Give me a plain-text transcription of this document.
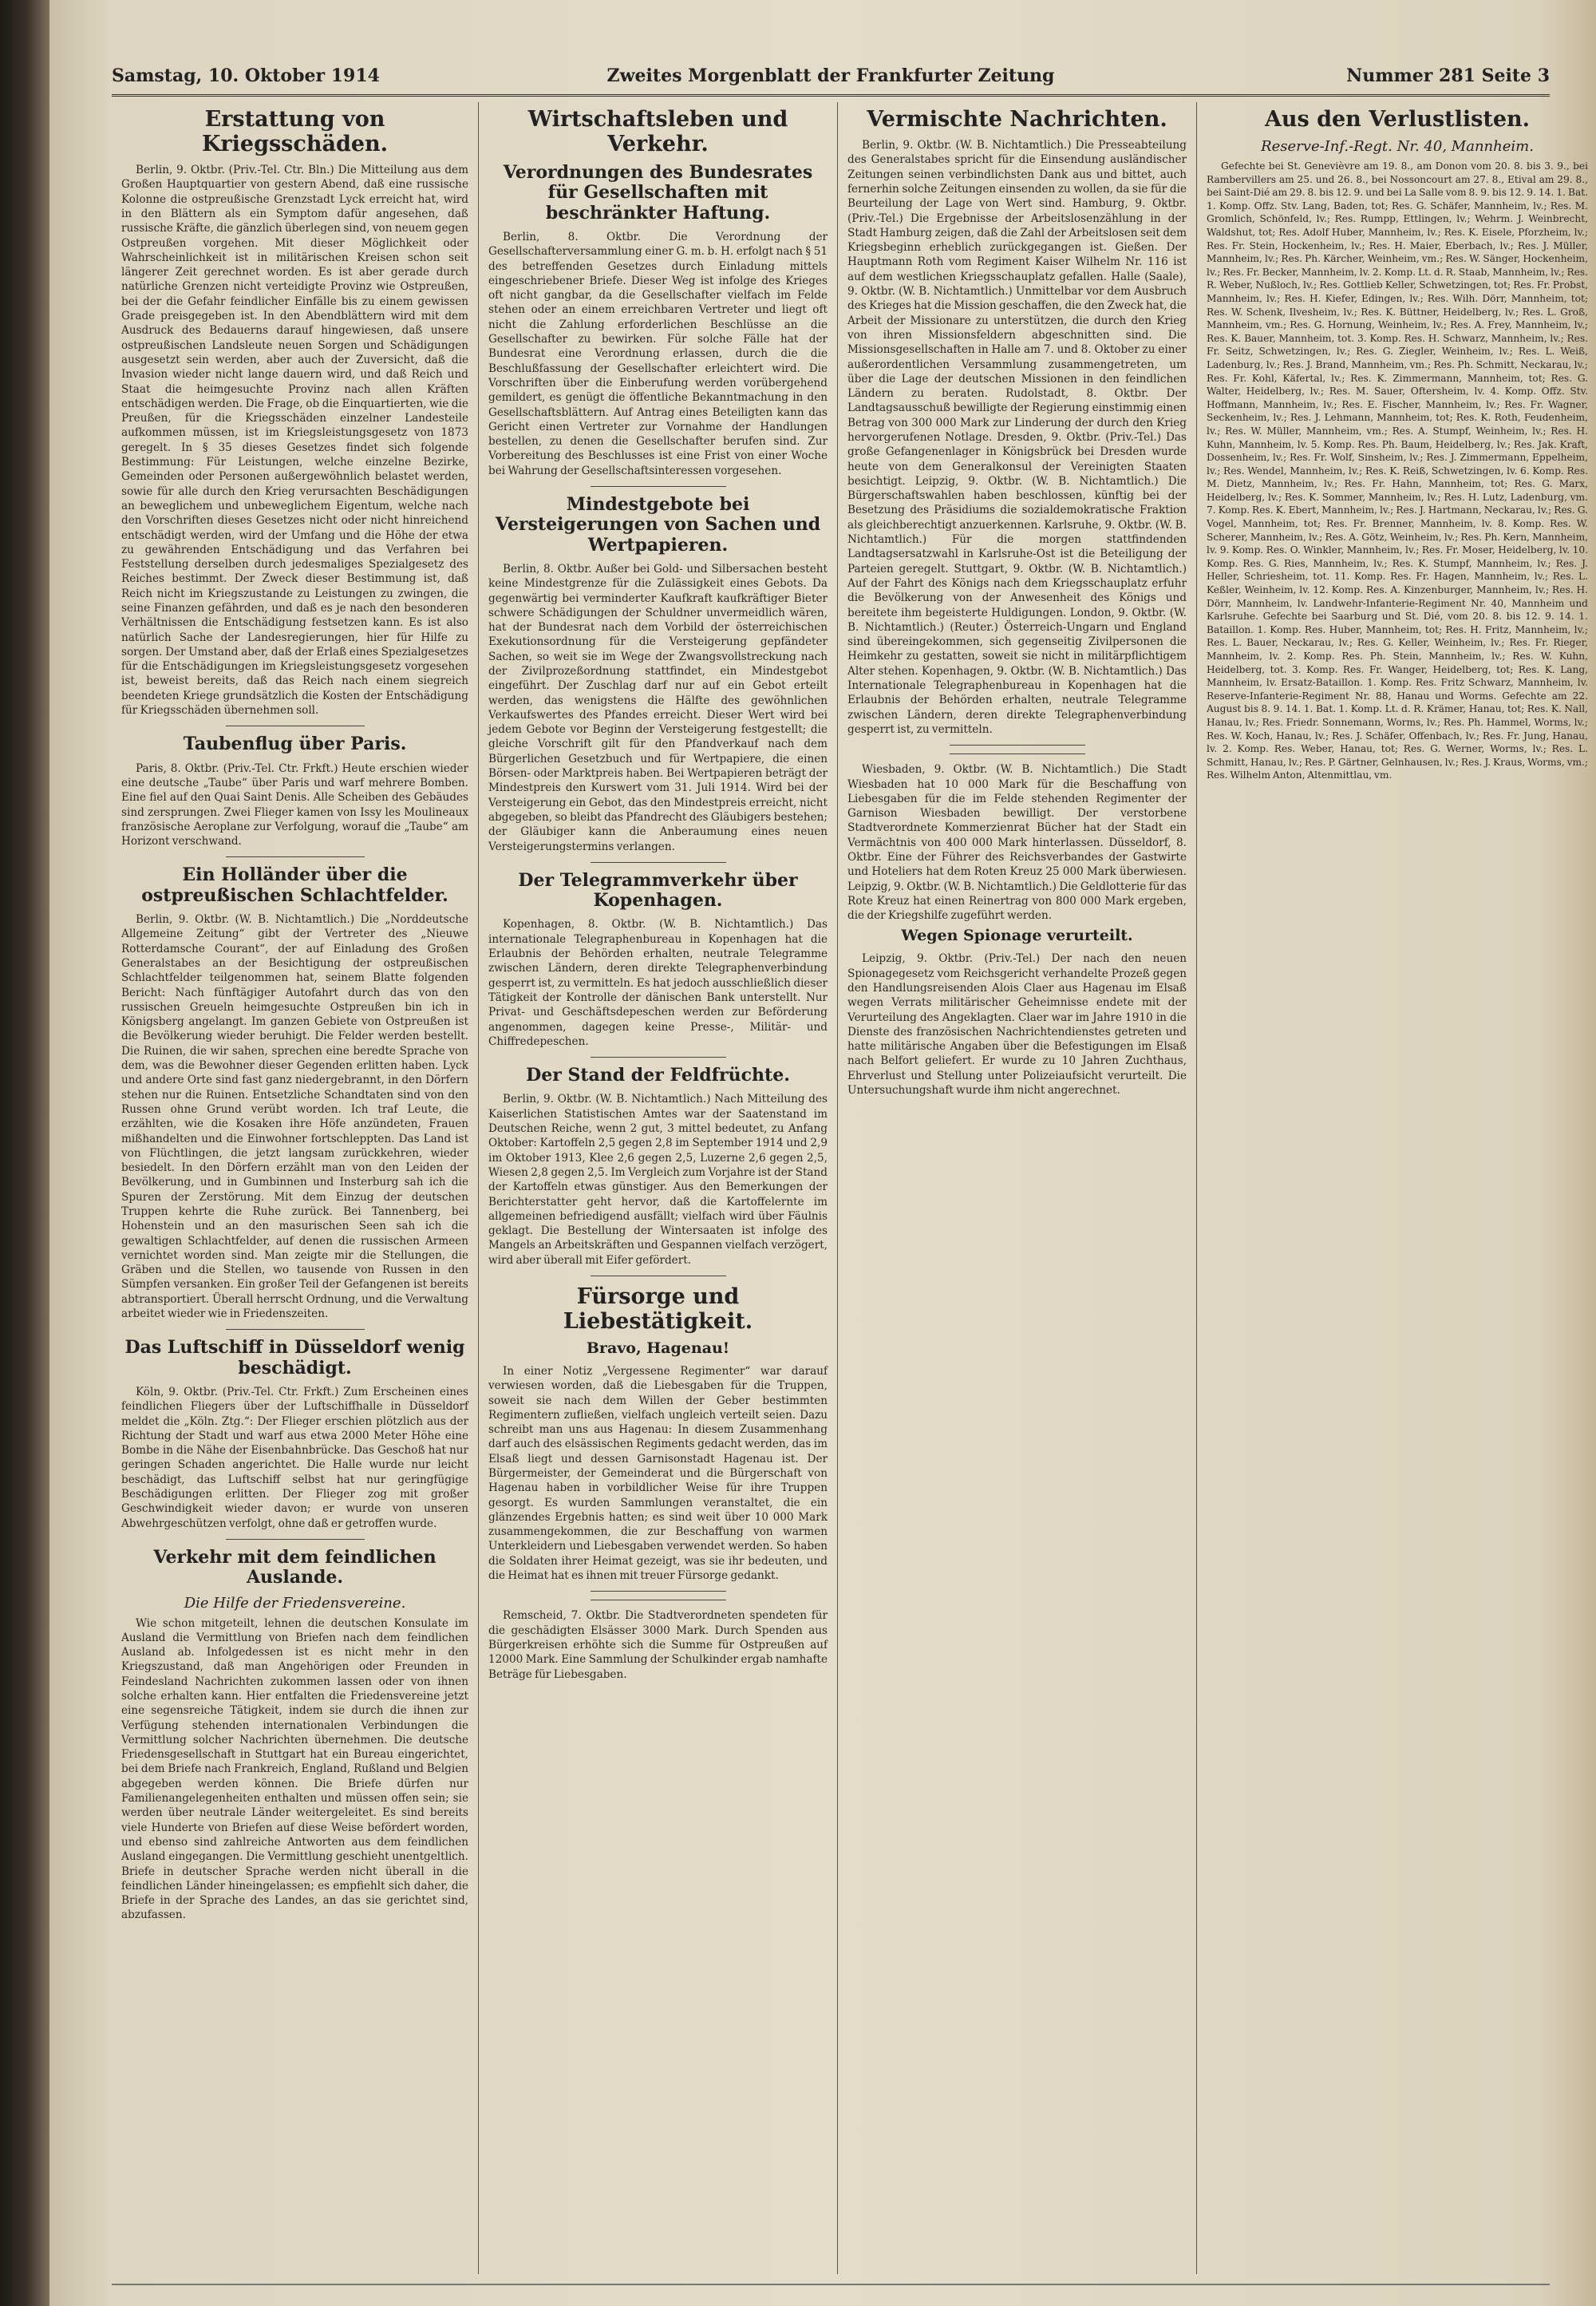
Samstag, 10. Oktober 1914	Zweites Morgenblatt der Frankfurter Zeitung	Nummer 281 Seite 3
Erstattung von Kriegsschäden.
Berlin, 9. Oktbr. (Priv.-Tel. Ctr. Bln.) Die Mitteilung aus dem Großen Hauptquartier von gestern Abend, daß eine russische Kolonne die ostpreußische Grenzstadt Lyck erreicht hat, wird in den Blättern als ein Symptom dafür angesehen, daß russische Kräfte, die gänzlich überlegen sind, von neuem gegen Ostpreußen vorgehen. Mit dieser Möglichkeit oder Wahrscheinlichkeit ist in militärischen Kreisen schon seit längerer Zeit gerechnet worden. Es ist aber gerade durch natürliche Grenzen nicht verteidigte Provinz wie Ostpreußen, bei der die Gefahr feindlicher Einfälle bis zu einem gewissen Grade preisgegeben ist. In den Abendblättern wird mit dem Ausdruck des Bedauerns darauf hingewiesen, daß unsere ostpreußischen Landsleute neuen Sorgen und Schädigungen ausgesetzt sein werden, aber auch der Zuversicht, daß die Invasion wieder nicht lange dauern wird, und daß Reich und Staat die heimgesuchte Provinz nach allen Kräften entschädigen werden. Die Frage, ob die Einquartierten, wie die Preußen, für die Kriegsschäden einzelner Landesteile aufkommen müssen, ist im Kriegsleistungsgesetz von 1873 geregelt. In § 35 dieses Gesetzes findet sich folgende Bestimmung: Für Leistungen, welche einzelne Bezirke, Gemeinden oder Personen außergewöhnlich belastet werden, sowie für alle durch den Krieg verursachten Beschädigungen an beweglichem und unbeweglichem Eigentum, welche nach den Vorschriften dieses Gesetzes nicht oder nicht hinreichend entschädigt werden, wird der Umfang und die Höhe der etwa zu gewährenden Entschädigung und das Verfahren bei Feststellung derselben durch jedesmaliges Spezialgesetz des Reiches bestimmt. Der Zweck dieser Bestimmung ist, daß Reich nicht im Kriegszustande zu Leistungen zu zwingen, die seine Finanzen gefährden, und daß es je nach den besonderen Verhältnissen die Entschädigung festsetzen kann. Es ist also natürlich Sache der Landesregierungen, hier für Hilfe zu sorgen. Der Umstand aber, daß der Erlaß eines Spezialgesetzes für die Entschädigungen im Kriegsleistungsgesetz vorgesehen ist, beweist bereits, daß das Reich nach einem siegreich beendeten Kriege grundsätzlich die Kosten der Entschädigung für Kriegsschäden übernehmen soll.
Taubenflug über Paris.
Paris, 8. Oktbr. (Priv.-Tel. Ctr. Frkft.) Heute erschien wieder eine deutsche „Taube“ über Paris und warf mehrere Bomben. Eine fiel auf den Quai Saint Denis. Alle Scheiben des Gebäudes sind zersprungen. Zwei Flieger kamen von Issy les Moulineaux französische Aeroplane zur Verfolgung, worauf die „Taube“ am Horizont verschwand.
Ein Holländer über die ostpreußischen Schlachtfelder.
Berlin, 9. Oktbr. (W. B. Nichtamtlich.) Die „Norddeutsche Allgemeine Zeitung“ gibt der Vertreter des „Nieuwe Rotterdamsche Courant“, der auf Einladung des Großen Generalstabes an der Besichtigung der ostpreußischen Schlachtfelder teilgenommen hat, seinem Blatte folgenden Bericht: Nach fünftägiger Autofahrt durch das von den russischen Greueln heimgesuchte Ostpreußen bin ich in Königsberg angelangt. Im ganzen Gebiete von Ostpreußen ist die Bevölkerung wieder beruhigt. Die Felder werden bestellt. Die Ruinen, die wir sahen, sprechen eine beredte Sprache von dem, was die Bewohner dieser Gegenden erlitten haben. Lyck und andere Orte sind fast ganz niedergebrannt, in den Dörfern stehen nur die Ruinen. Entsetzliche Schandtaten sind von den Russen ohne Grund verübt worden. Ich traf Leute, die erzählten, wie die Kosaken ihre Höfe anzündeten, Frauen mißhandelten und die Einwohner fortschleppten. Das Land ist von Flüchtlingen, die jetzt langsam zurückkehren, wieder besiedelt. In den Dörfern erzählt man von den Leiden der Bevölkerung, und in Gumbinnen und Insterburg sah ich die Spuren der Zerstörung. Mit dem Einzug der deutschen Truppen kehrte die Ruhe zurück. Bei Tannenberg, bei Hohenstein und an den masurischen Seen sah ich die gewaltigen Schlachtfelder, auf denen die russischen Armeen vernichtet worden sind. Man zeigte mir die Stellungen, die Gräben und die Stellen, wo tausende von Russen in den Sümpfen versanken. Ein großer Teil der Gefangenen ist bereits abtransportiert. Überall herrscht Ordnung, und die Verwaltung arbeitet wieder wie in Friedenszeiten.
Das Luftschiff in Düsseldorf wenig beschädigt.
Köln, 9. Oktbr. (Priv.-Tel. Ctr. Frkft.) Zum Erscheinen eines feindlichen Fliegers über der Luftschiffhalle in Düsseldorf meldet die „Köln. Ztg.“: Der Flieger erschien plötzlich aus der Richtung der Stadt und warf aus etwa 2000 Meter Höhe eine Bombe in die Nähe der Eisenbahnbrücke. Das Geschoß hat nur geringen Schaden angerichtet. Die Halle wurde nur leicht beschädigt, das Luftschiff selbst hat nur geringfügige Beschädigungen erlitten. Der Flieger zog mit großer Geschwindigkeit wieder davon; er wurde von unseren Abwehrgeschützen verfolgt, ohne daß er getroffen wurde.
Verkehr mit dem feindlichen Auslande.
Die Hilfe der Friedensvereine.
Wie schon mitgeteilt, lehnen die deutschen Konsulate im Ausland die Vermittlung von Briefen nach dem feindlichen Ausland ab. Infolgedessen ist es nicht mehr in den Kriegszustand, daß man Angehörigen oder Freunden in Feindesland Nachrichten zukommen lassen oder von ihnen solche erhalten kann. Hier entfalten die Friedensvereine jetzt eine segensreiche Tätigkeit, indem sie durch die ihnen zur Verfügung stehenden internationalen Verbindungen die Vermittlung solcher Nachrichten übernehmen. Die deutsche Friedensgesellschaft in Stuttgart hat ein Bureau eingerichtet, bei dem Briefe nach Frankreich, England, Rußland und Belgien abgegeben werden können. Die Briefe dürfen nur Familienangelegenheiten enthalten und müssen offen sein; sie werden über neutrale Länder weitergeleitet. Es sind bereits viele Hunderte von Briefen auf diese Weise befördert worden, und ebenso sind zahlreiche Antworten aus dem feindlichen Ausland eingegangen. Die Vermittlung geschieht unentgeltlich. Briefe in deutscher Sprache werden nicht überall in die feindlichen Länder hineingelassen; es empfiehlt sich daher, die Briefe in der Sprache des Landes, an das sie gerichtet sind, abzufassen.
Wirtschaftsleben und Verkehr.
Verordnungen des Bundesrates für Gesellschaften mit beschränkter Haftung.
Berlin, 8. Oktbr. Die Verordnung der Gesellschafterversammlung einer G. m. b. H. erfolgt nach § 51 des betreffenden Gesetzes durch Einladung mittels eingeschriebener Briefe. Dieser Weg ist infolge des Krieges oft nicht gangbar, da die Gesellschafter vielfach im Felde stehen oder an einem erreichbaren Vertreter und liegt oft nicht die Zahlung erforderlichen Beschlüsse an die Gesellschafter zu bewirken. Für solche Fälle hat der Bundesrat eine Verordnung erlassen, durch die die Beschlußfassung der Gesellschafter erleichtert wird. Die Vorschriften über die Einberufung werden vorübergehend gemildert, es genügt die öffentliche Bekanntmachung in den Gesellschaftsblättern. Auf Antrag eines Beteiligten kann das Gericht einen Vertreter zur Vornahme der Handlungen bestellen, zu denen die Gesellschafter berufen sind. Zur Vorbereitung des Beschlusses ist eine Frist von einer Woche bei Wahrung der Gesellschaftsinteressen vorgesehen.
Mindestgebote bei Versteigerungen von Sachen und Wertpapieren.
Berlin, 8. Oktbr. Außer bei Gold- und Silbersachen besteht keine Mindestgrenze für die Zulässigkeit eines Gebots. Da gegenwärtig bei verminderter Kaufkraft kaufkräftiger Bieter schwere Schädigungen der Schuldner unvermeidlich wären, hat der Bundesrat nach dem Vorbild der österreichischen Exekutionsordnung für die Versteigerung gepfändeter Sachen, so weit sie im Wege der Zwangsvollstreckung nach der Zivilprozeßordnung stattfindet, ein Mindestgebot eingeführt. Der Zuschlag darf nur auf ein Gebot erteilt werden, das wenigstens die Hälfte des gewöhnlichen Verkaufswertes des Pfandes erreicht. Dieser Wert wird bei jedem Gebote vor Beginn der Versteigerung festgestellt; die gleiche Vorschrift gilt für den Pfandverkauf nach dem Bürgerlichen Gesetzbuch und für Wertpapiere, die einen Börsen- oder Marktpreis haben. Bei Wertpapieren beträgt der Mindestpreis den Kurswert vom 31. Juli 1914. Wird bei der Versteigerung ein Gebot, das den Mindestpreis erreicht, nicht abgegeben, so bleibt das Pfandrecht des Gläubigers bestehen; der Gläubiger kann die Anberaumung eines neuen Versteigerungstermins verlangen.
Der Telegrammverkehr über Kopenhagen.
Kopenhagen, 8. Oktbr. (W. B. Nichtamtlich.) Das internationale Telegraphenbureau in Kopenhagen hat die Erlaubnis der Behörden erhalten, neutrale Telegramme zwischen Ländern, deren direkte Telegraphenverbindung gesperrt ist, zu vermitteln. Es hat jedoch ausschließlich dieser Tätigkeit der Kontrolle der dänischen Bank unterstellt. Nur Privat- und Geschäftsdepeschen werden zur Beförderung angenommen, dagegen keine Presse-, Militär- und Chiffredepeschen.
Der Stand der Feldfrüchte.
Berlin, 9. Oktbr. (W. B. Nichtamtlich.) Nach Mitteilung des Kaiserlichen Statistischen Amtes war der Saatenstand im Deutschen Reiche, wenn 2 gut, 3 mittel bedeutet, zu Anfang Oktober: Kartoffeln 2,5 gegen 2,8 im September 1914 und 2,9 im Oktober 1913, Klee 2,6 gegen 2,5, Luzerne 2,6 gegen 2,5, Wiesen 2,8 gegen 2,5. Im Vergleich zum Vorjahre ist der Stand der Kartoffeln etwas günstiger. Aus den Bemerkungen der Berichterstatter geht hervor, daß die Kartoffelernte im allgemeinen befriedigend ausfällt; vielfach wird über Fäulnis geklagt. Die Bestellung der Wintersaaten ist infolge des Mangels an Arbeitskräften und Gespannen vielfach verzögert, wird aber überall mit Eifer gefördert.
Fürsorge und Liebestätigkeit.
Bravo, Hagenau!
In einer Notiz „Vergessene Regimenter“ war darauf verwiesen worden, daß die Liebesgaben für die Truppen, soweit sie nach dem Willen der Geber bestimmten Regimentern zufließen, vielfach ungleich verteilt seien. Dazu schreibt man uns aus Hagenau: In diesem Zusammenhang darf auch des elsässischen Regiments gedacht werden, das im Elsaß liegt und dessen Garnisonstadt Hagenau ist. Der Bürgermeister, der Gemeinderat und die Bürgerschaft von Hagenau haben in vorbildlicher Weise für ihre Truppen gesorgt. Es wurden Sammlungen veranstaltet, die ein glänzendes Ergebnis hatten; es sind weit über 10 000 Mark zusammengekommen, die zur Beschaffung von warmen Unterkleidern und Liebesgaben verwendet werden. So haben die Soldaten ihrer Heimat gezeigt, was sie ihr bedeuten, und die Heimat hat es ihnen mit treuer Fürsorge gedankt.
Remscheid, 7. Oktbr. Die Stadtverordneten spendeten für die geschädigten Elsässer 3000 Mark. Durch Spenden aus Bürgerkreisen erhöhte sich die Summe für Ostpreußen auf 12000 Mark. Eine Sammlung der Schulkinder ergab namhafte Beträge für Liebesgaben.
Vermischte Nachrichten.
Berlin, 9. Oktbr. (W. B. Nichtamtlich.) Die Presseabteilung des Generalstabes spricht für die Einsendung ausländischer Zeitungen seinen verbindlichsten Dank aus und bittet, auch fernerhin solche Zeitungen einsenden zu wollen, da sie für die Beurteilung der Lage von Wert sind. Hamburg, 9. Oktbr. (Priv.-Tel.) Die Ergebnisse der Arbeitslosenzählung in der Stadt Hamburg zeigen, daß die Zahl der Arbeitslosen seit dem Kriegsbeginn erheblich zurückgegangen ist. Gießen. Der Hauptmann Roth vom Regiment Kaiser Wilhelm Nr. 116 ist auf dem westlichen Kriegsschauplatz gefallen. Halle (Saale), 9. Oktbr. (W. B. Nichtamtlich.) Unmittelbar vor dem Ausbruch des Krieges hat die Mission geschaffen, die den Zweck hat, die Arbeit der Missionare zu unterstützen, die durch den Krieg von ihren Missionsfeldern abgeschnitten sind. Die Missionsgesellschaften in Halle am 7. und 8. Oktober zu einer außerordentlichen Versammlung zusammengetreten, um über die Lage der deutschen Missionen in den feindlichen Ländern zu beraten. Rudolstadt, 8. Oktbr. Der Landtagsausschuß bewilligte der Regierung einstimmig einen Betrag von 300 000 Mark zur Linderung der durch den Krieg hervorgerufenen Notlage. Dresden, 9. Oktbr. (Priv.-Tel.) Das große Gefangenenlager in Königsbrück bei Dresden wurde heute von dem Generalkonsul der Vereinigten Staaten besichtigt. Leipzig, 9. Oktbr. (W. B. Nichtamtlich.) Die Bürgerschaftswahlen haben beschlossen, künftig bei der Besetzung des Präsidiums die sozialdemokratische Fraktion als gleichberechtigt anzuerkennen. Karlsruhe, 9. Oktbr. (W. B. Nichtamtlich.) Für die morgen stattfindenden Landtagsersatzwahl in Karlsruhe-Ost ist die Beteiligung der Parteien geregelt. Stuttgart, 9. Oktbr. (W. B. Nichtamtlich.) Auf der Fahrt des Königs nach dem Kriegsschauplatz erfuhr die Bevölkerung von der Anwesenheit des Königs und bereitete ihm begeisterte Huldigungen. London, 9. Oktbr. (W. B. Nichtamtlich.) (Reuter.) Österreich-Ungarn und England sind übereingekommen, sich gegenseitig Zivilpersonen die Heimkehr zu gestatten, soweit sie nicht in militärpflichtigem Alter stehen. Kopenhagen, 9. Oktbr. (W. B. Nichtamtlich.) Das Internationale Telegraphenbureau in Kopenhagen hat die Erlaubnis der Behörden erhalten, neutrale Telegramme zwischen Ländern, deren direkte Telegraphenverbindung gesperrt ist, zu vermitteln.
Wiesbaden, 9. Oktbr. (W. B. Nichtamtlich.) Die Stadt Wiesbaden hat 10 000 Mark für die Beschaffung von Liebesgaben für die im Felde stehenden Regimenter der Garnison Wiesbaden bewilligt. Der verstorbene Stadtverordnete Kommerzienrat Bücher hat der Stadt ein Vermächtnis von 400 000 Mark hinterlassen. Düsseldorf, 8. Oktbr. Eine der Führer des Reichsverbandes der Gastwirte und Hoteliers hat dem Roten Kreuz 25 000 Mark überwiesen. Leipzig, 9. Oktbr. (W. B. Nichtamtlich.) Die Geldlotterie für das Rote Kreuz hat einen Reinertrag von 800 000 Mark ergeben, die der Kriegshilfe zugeführt werden.
Wegen Spionage verurteilt.
Leipzig, 9. Oktbr. (Priv.-Tel.) Der nach den neuen Spionagegesetz vom Reichsgericht verhandelte Prozeß gegen den Handlungsreisenden Alois Claer aus Hagenau im Elsaß wegen Verrats militärischer Geheimnisse endete mit der Verurteilung des Angeklagten. Claer war im Jahre 1910 in die Dienste des französischen Nachrichtendienstes getreten und hatte militärische Angaben über die Befestigungen im Elsaß nach Belfort geliefert. Er wurde zu 10 Jahren Zuchthaus, Ehrverlust und Stellung unter Polizeiaufsicht verurteilt. Die Untersuchungshaft wurde ihm nicht angerechnet.
Aus den Verlustlisten.
Reserve-Inf.-Regt. Nr. 40, Mannheim.
Gefechte bei St. Genevièvre am 19. 8., am Donon vom 20. 8. bis 3. 9., bei Rambervillers am 25. und 26. 8., bei Nossoncourt am 27. 8., Etival am 29. 8., bei Saint-Dié am 29. 8. bis 12. 9. und bei La Salle vom 8. 9. bis 12. 9. 14. 1. Bat. 1. Komp. Offz. Stv. Lang, Baden, tot; Res. G. Schäfer, Mannheim, lv.; Res. M. Gromlich, Schönfeld, lv.; Res. Rumpp, Ettlingen, lv.; Wehrm. J. Weinbrecht, Waldshut, tot; Res. Adolf Huber, Mannheim, lv.; Res. K. Eisele, Pforzheim, lv.; Res. Fr. Stein, Hockenheim, lv.; Res. H. Maier, Eberbach, lv.; Res. J. Müller, Mannheim, lv.; Res. Ph. Kärcher, Weinheim, vm.; Res. W. Sänger, Hockenheim, lv.; Res. Fr. Becker, Mannheim, lv. 2. Komp. Lt. d. R. Staab, Mannheim, lv.; Res. R. Weber, Nußloch, lv.; Res. Gottlieb Keller, Schwetzingen, tot; Res. Fr. Probst, Mannheim, lv.; Res. H. Kiefer, Edingen, lv.; Res. Wilh. Dörr, Mannheim, tot; Res. W. Schenk, Ilvesheim, lv.; Res. K. Büttner, Heidelberg, lv.; Res. L. Groß, Mannheim, vm.; Res. G. Hornung, Weinheim, lv.; Res. A. Frey, Mannheim, lv.; Res. K. Bauer, Mannheim, tot. 3. Komp. Res. H. Schwarz, Mannheim, lv.; Res. Fr. Seitz, Schwetzingen, lv.; Res. G. Ziegler, Weinheim, lv.; Res. L. Weiß, Ladenburg, lv.; Res. J. Brand, Mannheim, vm.; Res. Ph. Schmitt, Neckarau, lv.; Res. Fr. Kohl, Käfertal, lv.; Res. K. Zimmermann, Mannheim, tot; Res. G. Walter, Heidelberg, lv.; Res. M. Sauer, Oftersheim, lv. 4. Komp. Offz. Stv. Hoffmann, Mannheim, lv.; Res. E. Fischer, Mannheim, lv.; Res. Fr. Wagner, Seckenheim, lv.; Res. J. Lehmann, Mannheim, tot; Res. K. Roth, Feudenheim, lv.; Res. W. Müller, Mannheim, vm.; Res. A. Stumpf, Weinheim, lv.; Res. H. Kuhn, Mannheim, lv. 5. Komp. Res. Ph. Baum, Heidelberg, lv.; Res. Jak. Kraft, Dossenheim, lv.; Res. Fr. Wolf, Sinsheim, lv.; Res. J. Zimmermann, Eppelheim, lv.; Res. Wendel, Mannheim, lv.; Res. K. Reiß, Schwetzingen, lv. 6. Komp. Res. M. Dietz, Mannheim, lv.; Res. Fr. Hahn, Mannheim, tot; Res. G. Marx, Heidelberg, lv.; Res. K. Sommer, Mannheim, lv.; Res. H. Lutz, Ladenburg, vm. 7. Komp. Res. K. Ebert, Mannheim, lv.; Res. J. Hartmann, Neckarau, lv.; Res. G. Vogel, Mannheim, tot; Res. Fr. Brenner, Mannheim, lv. 8. Komp. Res. W. Scherer, Mannheim, lv.; Res. A. Götz, Weinheim, lv.; Res. Ph. Kern, Mannheim, lv. 9. Komp. Res. O. Winkler, Mannheim, lv.; Res. Fr. Moser, Heidelberg, lv. 10. Komp. Res. G. Ries, Mannheim, lv.; Res. K. Stumpf, Mannheim, lv.; Res. J. Heller, Schriesheim, tot. 11. Komp. Res. Fr. Hagen, Mannheim, lv.; Res. L. Keßler, Weinheim, lv. 12. Komp. Res. A. Kinzenburger, Mannheim, lv.; Res. H. Dörr, Mannheim, lv. Landwehr-Infanterie-Regiment Nr. 40, Mannheim und Karlsruhe. Gefechte bei Saarburg und St. Dié, vom 20. 8. bis 12. 9. 14. 1. Bataillon. 1. Komp. Res. Huber, Mannheim, tot; Res. H. Fritz, Mannheim, lv.; Res. L. Bauer, Neckarau, lv.; Res. G. Keller, Weinheim, lv.; Res. Fr. Rieger, Mannheim, lv. 2. Komp. Res. Ph. Stein, Mannheim, lv.; Res. W. Kuhn, Heidelberg, tot. 3. Komp. Res. Fr. Wanger, Heidelberg, tot; Res. K. Lang, Mannheim, lv. Ersatz-Bataillon. 1. Komp. Res. Fritz Schwarz, Mannheim, lv. Reserve-Infanterie-Regiment Nr. 88, Hanau und Worms. Gefechte am 22. August bis 8. 9. 14. 1. Bat. 1. Komp. Lt. d. R. Krämer, Hanau, tot; Res. K. Nall, Hanau, lv.; Res. Friedr. Sonnemann, Worms, lv.; Res. Ph. Hammel, Worms, lv.; Res. W. Koch, Hanau, lv.; Res. J. Schäfer, Offenbach, lv.; Res. Fr. Jung, Hanau, lv. 2. Komp. Res. Weber, Hanau, tot; Res. G. Werner, Worms, lv.; Res. L. Schmitt, Hanau, lv.; Res. P. Gärtner, Gelnhausen, lv.; Res. J. Kraus, Worms, vm.; Res. Wilhelm Anton, Altenmittlau, vm.
